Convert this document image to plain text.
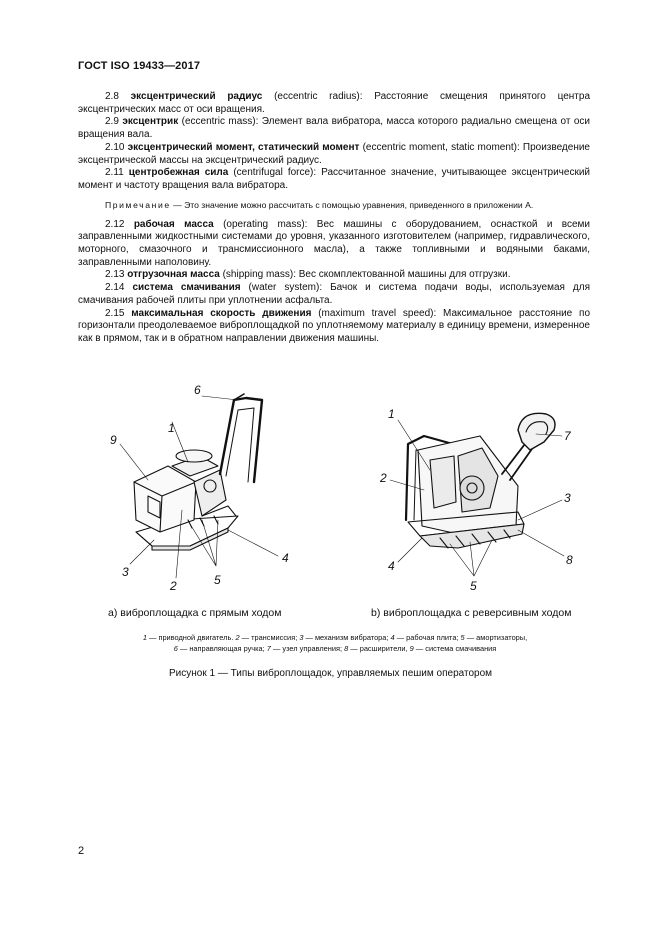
ГОСТ ISO 19433—2017

2.8 эксцентрический радиус (eccentric radius): Расстояние смещения принятого центра эксцентрических масс от оси вращения.

2.9 эксцентрик (eccentric mass): Элемент вала вибратора, масса которого радиально смещена от оси вращения вала.

2.10 эксцентрический момент, статический момент (eccentric moment, static moment): Произведение эксцентрической массы на эксцентрический радиус.

2.11 центробежная сила (centrifugal force): Рассчитанное значение, учитывающее эксцентрический момент и частоту вращения вала вибратора.

Примечание — Это значение можно рассчитать с помощью уравнения, приведенного в приложении А.

2.12 рабочая масса (operating mass): Вес машины с оборудованием, оснасткой и всеми заправленными жидкостными системами до уровня, указанного изготовителем (например, гидравлического, моторного, смазочного и трансмиссионного масла), а также топливными и водяными баками, заправленными наполовину.

2.13 отгрузочная масса (shipping mass): Вес скомплектованной машины для отгрузки.

2.14 система смачивания (water system): Бачок и система подачи воды, используемая для смачивания рабочей плиты при уплотнении асфальта.

2.15 максимальная скорость движения (maximum travel speed): Максимальное расстояние по горизонтали преодолеваемое виброплощадкой по уплотняемому материалу в единицу времени, измеренное как в прямом, так и в обратном направлении движения машины.

6
1
9
3
2	5
4
1
7
2
3
4	8
5
a) виброплощадка с прямым ходом	b) виброплощадка с реверсивным ходом
1 — приводной двигатель. 2 — трансмиссия; 3 — механизм вибратора; 4 — рабочая плита; 5 — амортизаторы,
6 — направляющая ручка; 7 — узел управления; 8 — расширители, 9 — система смачивания
Рисунок 1 — Типы виброплощадок, управляемых пешим оператором
2
